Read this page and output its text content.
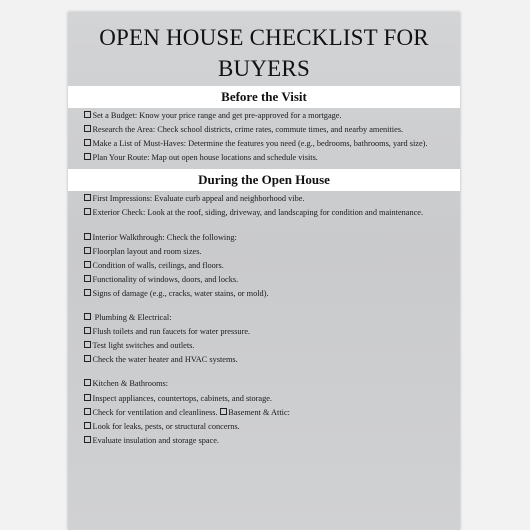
OPEN HOUSE CHECKLIST FOR
BUYERS
Before the Visit
Set a Budget: Know your price range and get pre-approved for a mortgage.
Research the Area: Check school districts, crime rates, commute times, and nearby amenities.
Make a List of Must-Haves: Determine the features you need (e.g., bedrooms, bathrooms, yard size).
Plan Your Route: Map out open house locations and schedule visits.
During the Open House
First Impressions: Evaluate curb appeal and neighborhood vibe.
Exterior Check: Look at the roof, siding, driveway, and landscaping for condition and maintenance.
Interior Walkthrough: Check the following:
Floorplan layout and room sizes.
Condition of walls, ceilings, and floors.
Functionality of windows, doors, and locks.
Signs of damage (e.g., cracks, water stains, or mold).
Plumbing & Electrical:
Flush toilets and run faucets for water pressure.
Test light switches and outlets.
Check the water heater and HVAC systems.
Kitchen & Bathrooms:
Inspect appliances, countertops, cabinets, and storage.
Check for ventilation and cleanliness. Basement & Attic:
Look for leaks, pests, or structural concerns.
Evaluate insulation and storage space.
